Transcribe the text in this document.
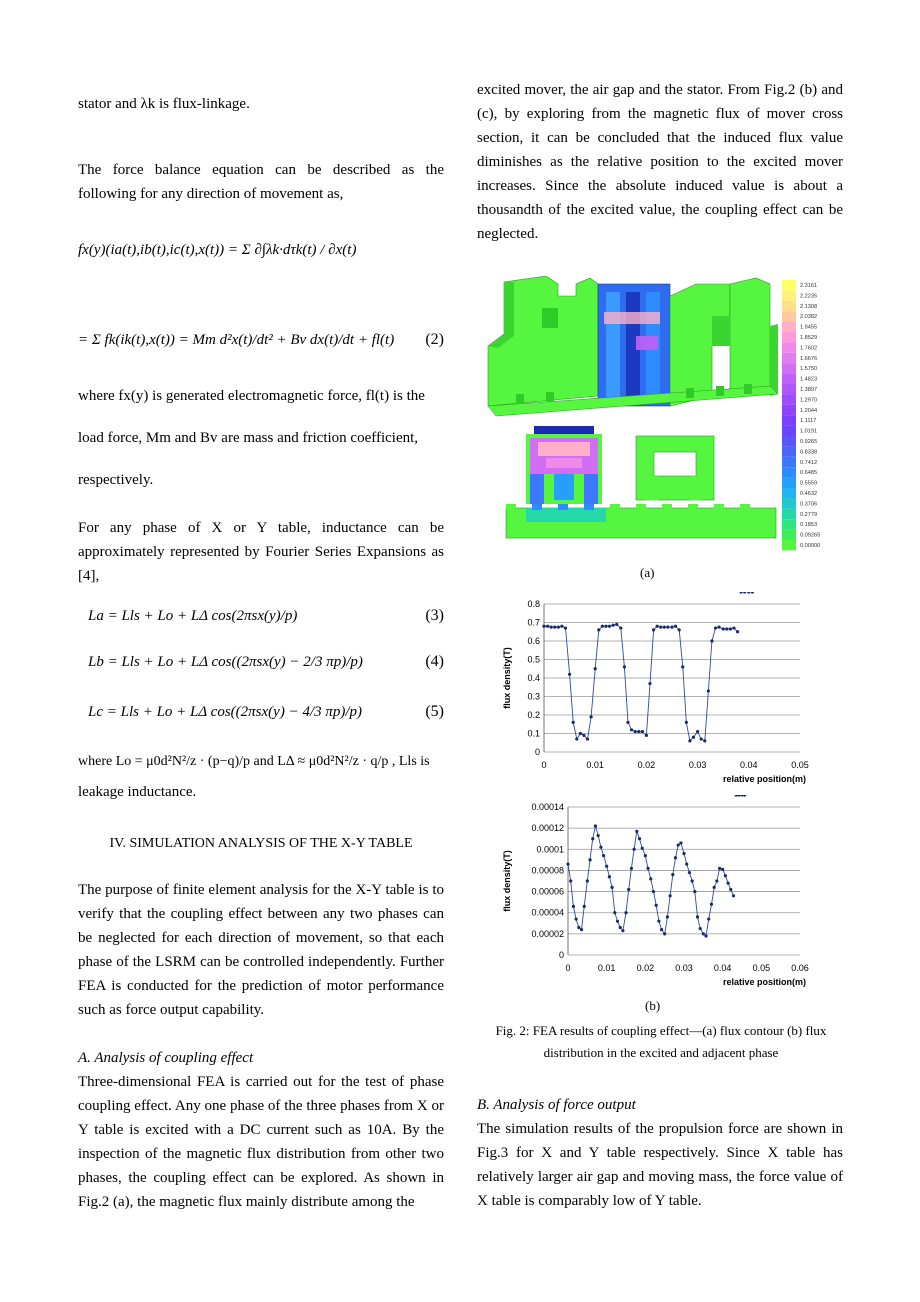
stator and λk is flux-linkage.

The force balance equation can be described as the following for any direction of movement as,

fx(y)(ia(t),ib(t),ic(t),x(t)) = Σ ∂∫λk·dτk(t) / ∂x(t)
= Σ fk(ik(t),x(t)) = Mm d²x(t)/dt² + Bv dx(t)/dt + fl(t) (2)

where fx(y) is generated electromagnetic force, fl(t) is the

load force, Mm and Bv are mass and friction coefficient,

respectively.

For any phase of X or Y table, inductance can be approximately represented by Fourier Series Expansions as [4],

La = Lls + Lo + LΔ cos(2πsx(y)/p)	(3)
Lb = Lls + Lo + LΔ cos((2πsx(y) − 2/3 πp)/p)	(4)
Lc = Lls + Lo + LΔ cos((2πsx(y) − 4/3 πp)/p)	(5)

where Lo = μ0d²N²/z · (p−q)/p and LΔ ≈ μ0d²N²/z · q/p , Lls is

leakage inductance.

IV. SIMULATION ANALYSIS OF THE X-Y TABLE

The purpose of finite element analysis for the X-Y table is to verify that the coupling effect between any two phases can be neglected for each direction of movement, so that each phase of the LSRM can be controlled independently. Further FEA is conducted for the prediction of motor performance such as force output capability.

A. Analysis of coupling effect

Three-dimensional FEA is carried out for the test of phase coupling effect. Any one phase of the three phases from X or Y table is excited with a DC current such as 10A. By the inspection of the magnetic flux distribution from other two phases, the coupling effect can be explored. As shown in Fig.2 (a), the magnetic flux mainly distribute among the

excited mover, the air gap and the stator. From Fig.2 (b) and (c), by exploring from the magnetic flux of mover cross section, it can be concluded that the induced flux value diminishes as the relative position to the excited mover increases. Since the absolute induced value is about a thousandth of the excited value, the coupling effect can be neglected.

2.3161
2.2235
2.1308
2.0382
1.9455
1.8529
1.7602
1.6676
1.5750
1.4823
1.3897
1.2970
1.2044
1.1117
1.0191
0.9265
0.8338
0.7412
0.6485
0.5559
0.4632
0.3706
0.2779
0.1853
0.09265
0.00000
(a)
0
0.1
0.2
0.3
0.4
0.5
0.6
0.7
0.8
0	0.01	0.02	0.03	0.04	0.05
relative position(m)
flux density(T)
0
0.00002
0.00004
0.00006
0.00008
0.0001
0.00012
0.00014
0	0.01 0.02 0.03 0.04 0.05 0.06
relative position(m)
flux density(T)
(b)
Fig. 2: FEA results of coupling effect—(a) flux contour (b) flux distribution in the excited and adjacent phase

B. Analysis of force output

The simulation results of the propulsion force are shown in Fig.3 for X and Y table respectively. Since X table has relatively larger air gap and moving mass, the force value of X table is comparably low of Y table.
